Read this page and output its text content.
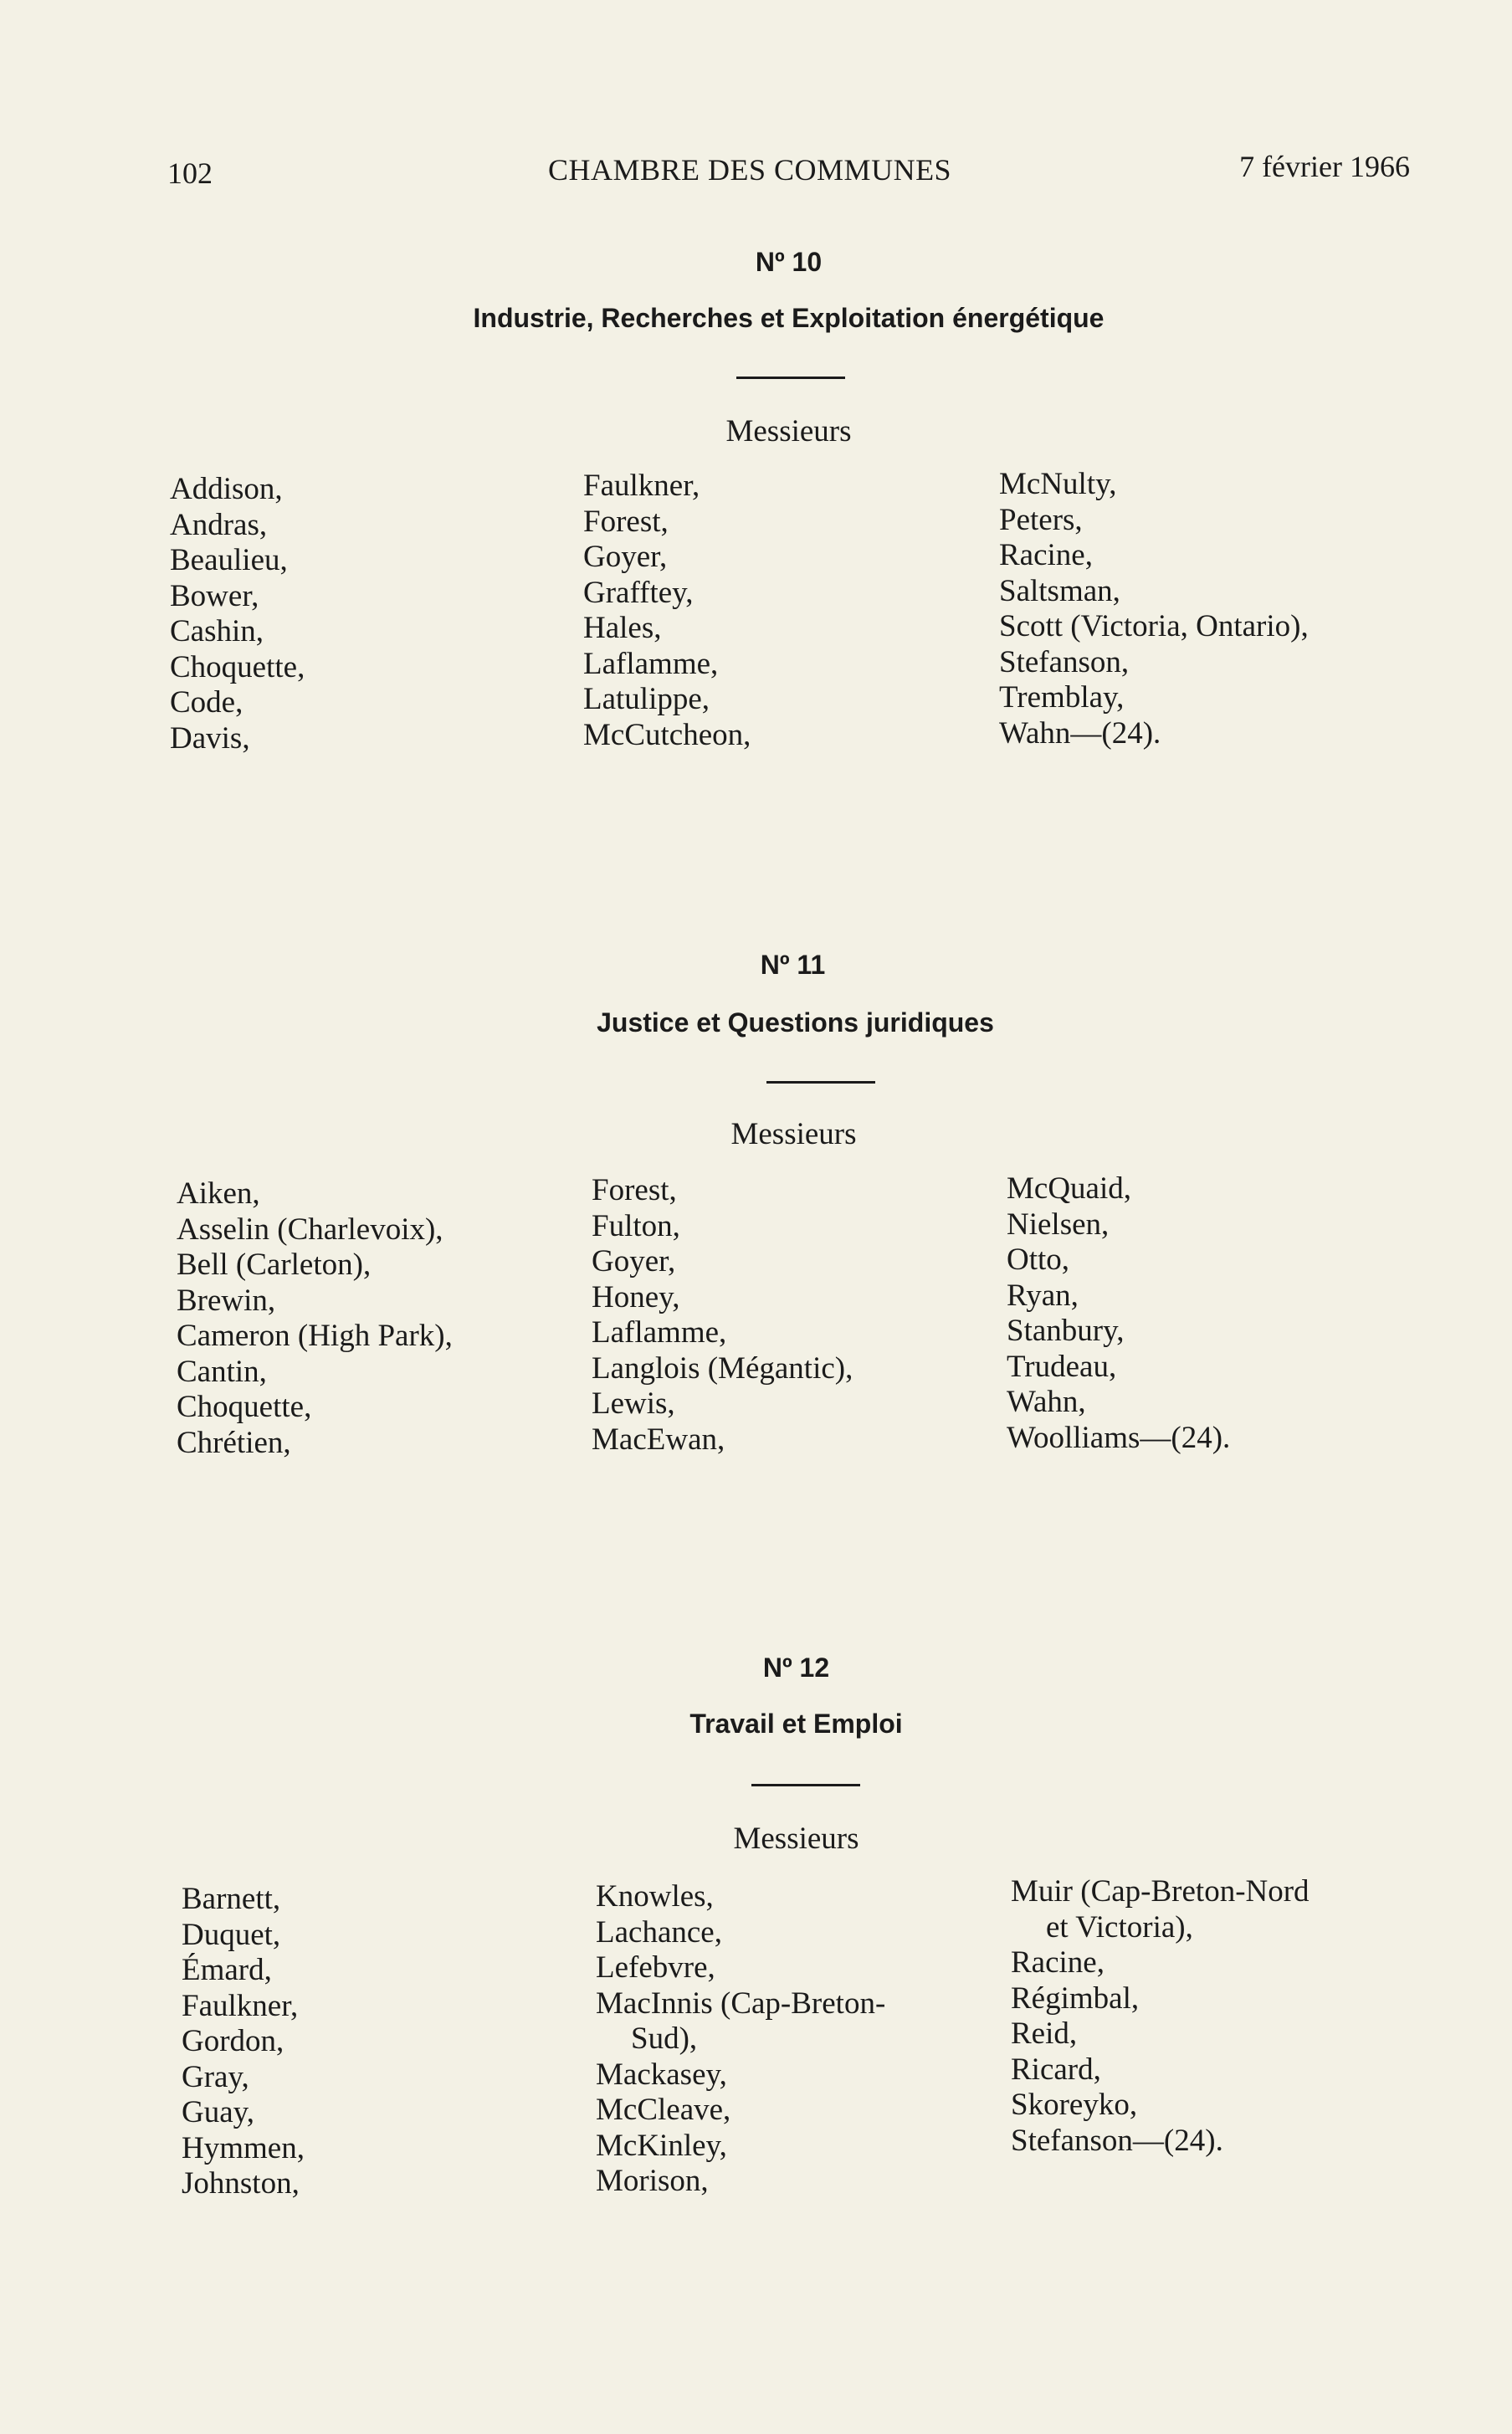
102	CHAMBRE DES COMMUNES	7 février 1966
Nº 10
Industrie, Recherches et Exploitation énergétique
Messieurs
Addison,
Andras,
Beaulieu,
Bower,
Cashin,
Choquette,
Code,
Davis,
Faulkner,
Forest,
Goyer,
Grafftey,
Hales,
Laflamme,
Latulippe,
McCutcheon,
McNulty,
Peters,
Racine,
Saltsman,
Scott (Victoria, Ontario),
Stefanson,
Tremblay,
Wahn—(24).
Nº 11
Justice et Questions juridiques
Messieurs
Aiken,
Asselin (Charlevoix),
Bell (Carleton),
Brewin,
Cameron (High Park),
Cantin,
Choquette,
Chrétien,
Forest,
Fulton,
Goyer,
Honey,
Laflamme,
Langlois (Mégantic),
Lewis,
MacEwan,
McQuaid,
Nielsen,
Otto,
Ryan,
Stanbury,
Trudeau,
Wahn,
Woolliams—(24).
Nº 12
Travail et Emploi
Messieurs
Barnett,
Duquet,
Émard,
Faulkner,
Gordon,
Gray,
Guay,
Hymmen,
Johnston,
Knowles,
Lachance,
Lefebvre,
MacInnis (Cap-Breton-
Sud),
Mackasey,
McCleave,
McKinley,
Morison,
Muir (Cap-Breton-Nord
et Victoria),
Racine,
Régimbal,
Reid,
Ricard,
Skoreyko,
Stefanson—(24).
